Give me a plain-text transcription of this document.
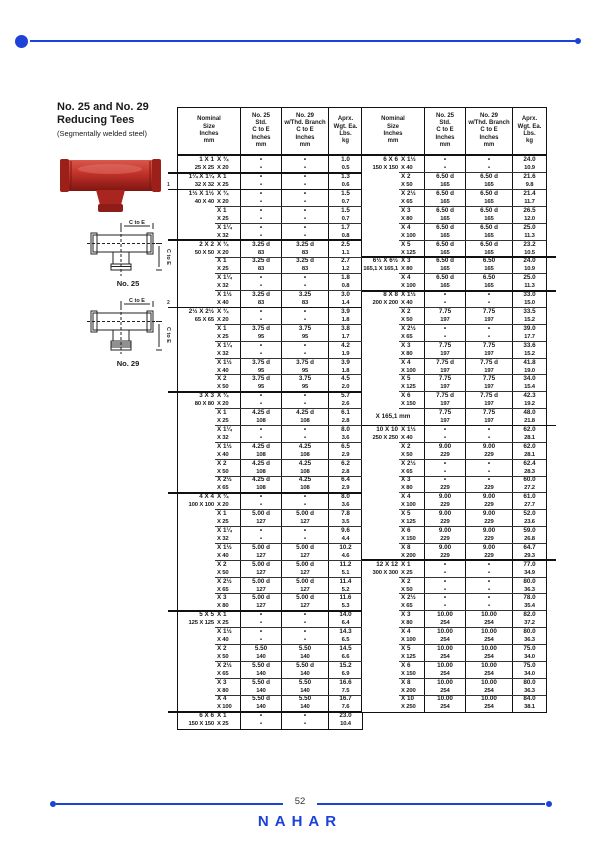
No. 25 and No. 29
Reducing Tees
(Segmentally welded steel)
C to E
C to E
No. 25
C to E
C to E
No. 29
1
2
Nominal
Size
Inches
mm
No. 25
Std.
C to E
Inches
mm
No. 29
w/Thd. Branch
C to E
Inches
mm
Aprx.
Wgt. Ea.
Lbs.
kg
1 X 1
25 X 25
X ¾
X 20
•
•
•
•
1.0
0.5
1¼ X 1¼
32 X 32
X 1
X 25
•
•
•
•
1.3
0.6
1½ X 1½
40 X 40
X ¾
X 20
•
•
•
•
1.5
0.7
X 1
X 25
•
•
•
•
1.5
0.7
X 1¼
X 32
•
•
•
•
1.7
0.8
2 X 2
50 X 50
X ¾
X 20
3.25 d
83
3.25 d
83
2.5
1.1
X 1
X 25
3.25 d
83
3.25 d
83
2.7
1.2
X 1¼
X 32
•
•
•
•
1.8
0.8
X 1½
X 40
3.25 d
83
3.25
83
3.0
1.4
2½ X 2½
65 X 65
X ¾
X 20
•
•
•
•
3.9
1.8
X 1
X 25
3.75 d
95
3.75
95
3.8
1.7
X 1¼
X 32
•
•
•
•
4.2
1.9
X 1½
X 40
3.75 d
95
3.75 d
95
3.9
1.8
X 2
X 50
3.75 d
95
3.75
95
4.5
2.0
3 X 3
80 X 80
X ¾
X 20
•
•
•
•
5.7
2.6
X 1
X 25
4.25 d
108
4.25 d
108
6.1
2.8
X 1¼
X 32
•
•
•
•
8.0
3.6
X 1½
X 40
4.25 d
108
4.25
108
6.5
2.9
X 2
X 50
4.25 d
108
4.25
108
6.2
2.8
X 2½
X 65
4.25 d
108
4.25
108
6.4
2.9
4 X 4
100 X 100
X ¾
X 20
•
•
•
•
8.0
3.6
X 1
X 25
5.00 d
127
5.00 d
127
7.8
3.5
X 1¼
X 32
•
•
•
•
9.6
4.4
X 1½
X 40
5.00 d
127
5.00 d
127
10.2
4.6
X 2
X 50
5.00 d
127
5.00 d
127
11.2
5.1
X 2½
X 65
5.00 d
127
5.00 d
127
11.4
5.2
X 3
X 80
5.00 d
127
5.00 d
127
11.6
5.3
5 X 5
125 X 125
X 1
X 25
•
•
•
•
14.0
6.4
X 1½
X 40
•
•
•
•
14.3
6.5
X 2
X 50
5.50
140
5.50
140
14.5
6.6
X 2½
X 65
5.50 d
140
5.50 d
140
15.2
6.9
X 3
X 80
5.50 d
140
5.50
140
16.6
7.5
X 4
X 100
5.50 d
140
5.50
140
16.7
7.6
6 X 6
150 X 150
X 1
X 25
•
•
•
•
23.0
10.4
Nominal
Size
Inches
mm
No. 25
Std.
C to E
Inches
mm
No. 29
w/Thd. Branch
C to E
Inches
mm
Aprx.
Wgt. Ea.
Lbs.
kg
6 X 6
150 X 150
X 1½
X 40
•
•
•
•
24.0
10.9
X 2
X 50
6.50 d
165
6.50 d
165
21.6
9.8
X 2½
X 65
6.50 d
165
6.50 d
165
21.4
11.7
X 3
X 80
6.50 d
165
6.50 d
165
26.5
12.0
X 4
X 100
6.50 d
165
6.50 d
165
25.0
11.3
X 5
X 125
6.50 d
165
6.50 d
165
23.2
10.5
6½ X 6½
165,1 X 165,1
X 3
X 80
6.50 d
165
6.50
165
24.0
10.9
X 4
X 100
6.50 d
165
6.50
165
25.0
11.3
8 X 8
200 X 200
X 1½
X 40
•
•
•
•
33.0
15.0
X 2
X 50
7.75
197
7.75
197
33.5
15.2
X 2½
X 65
•
•
•
•
39.0
17.7
X 3
X 80
7.75
197
7.75
197
33.6
15.2
X 4
X 100
7.75 d
197
7.75 d
197
41.8
19.0
X 5
X 125
7.75
197
7.75
197
34.0
15.4
X 6
X 150
7.75 d
197
7.75 d
197
42.3
19.2
X 165,1 mm
7.75
197
7.75
197
48.0
21.8
10 X 10
250 X 250
X 1½
X 40
•
•
•
•
62.0
28.1
X 2
X 50
9.00
229
9.00
229
62.0
28.1
X 2½
X 65
•
•
•
•
62.4
28.3
X 3
X 80
•
229
•
229
60.0
27.2
X 4
X 100
9.00
229
9.00
229
61.0
27.7
X 5
X 125
9.00
229
9.00
229
52.0
23.6
X 6
X 150
9.00
229
9.00
229
59.0
26.8
X 8
X 200
9.00
229
9.00
229
64.7
29.3
12 X 12
300 X 300
X 1
X 25
•
•
•
•
77.0
34.9
X 2
X 50
•
•
•
•
80.0
36.3
X 2½
X 65
•
•
•
•
78.0
35.4
X 3
X 80
10.00
254
10.00
254
82.0
37.2
X 4
X 100
10.00
254
10.00
254
80.0
36.3
X 5
X 125
10.00
254
10.00
254
75.0
34.0
X 6
X 150
10.00
254
10.00
254
75.0
34.0
X 8
X 200
10.00
254
10.00
254
80.0
36.3
X 10
X 250
10.00
254
10.00
254
84.0
38.1
52
NAHAR
